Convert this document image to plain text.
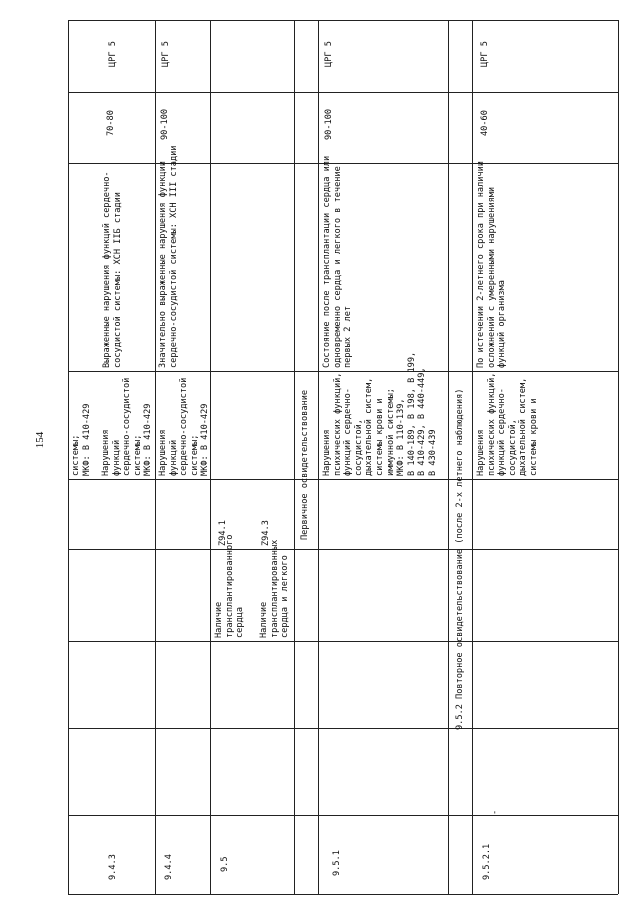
154	системы;
МКФ: В 410-429
9.4.3
Нарушения
функций
сердечно-сосудистой
системы;
МКФ: В 410-429
Выраженные нарушения функций сердечно-
сосудистой системы: ХСН IIБ стадии
70-80
ЦРГ 5
9.4.4
Нарушения
функций
сердечно-сосудистой
системы;
МКФ: В 410-429
Значительно выраженные нарушения функции
сердечно-сосудистой системы: ХСН III стадии
90-100
ЦРГ 5
9.5
Наличие
трансплантированного
сердца
Z94.1
Наличие
трансплантированных
сердца и легкого
Z94.3	Первичное освидетельствование
9.5.1
Нарушения
психических функций,
функций сердечно-
сосудистой,
дыхательной систем,
системы крови и
иммунной системы;
МКФ: В 110-139,
В 140-189, В 198, В 199,
В 410-429, В 440-449,
В 430-439
Состояние после трансплантации сердца или
одновременно сердца и легкого в течение
первых 2 лет
90-100
ЦРГ 5
9.5.2 Повторное освидетельствование (после 2-х летнего наблюдения)
9.5.2.1
-
Нарушения
психических функций,
функций сердечно-
сосудистой,
дыхательной систем,
системы крови и
По истечении 2-летнего срока при наличии
осложнений с умеренными нарушениями
функций организма
40-60
ЦРГ 5
